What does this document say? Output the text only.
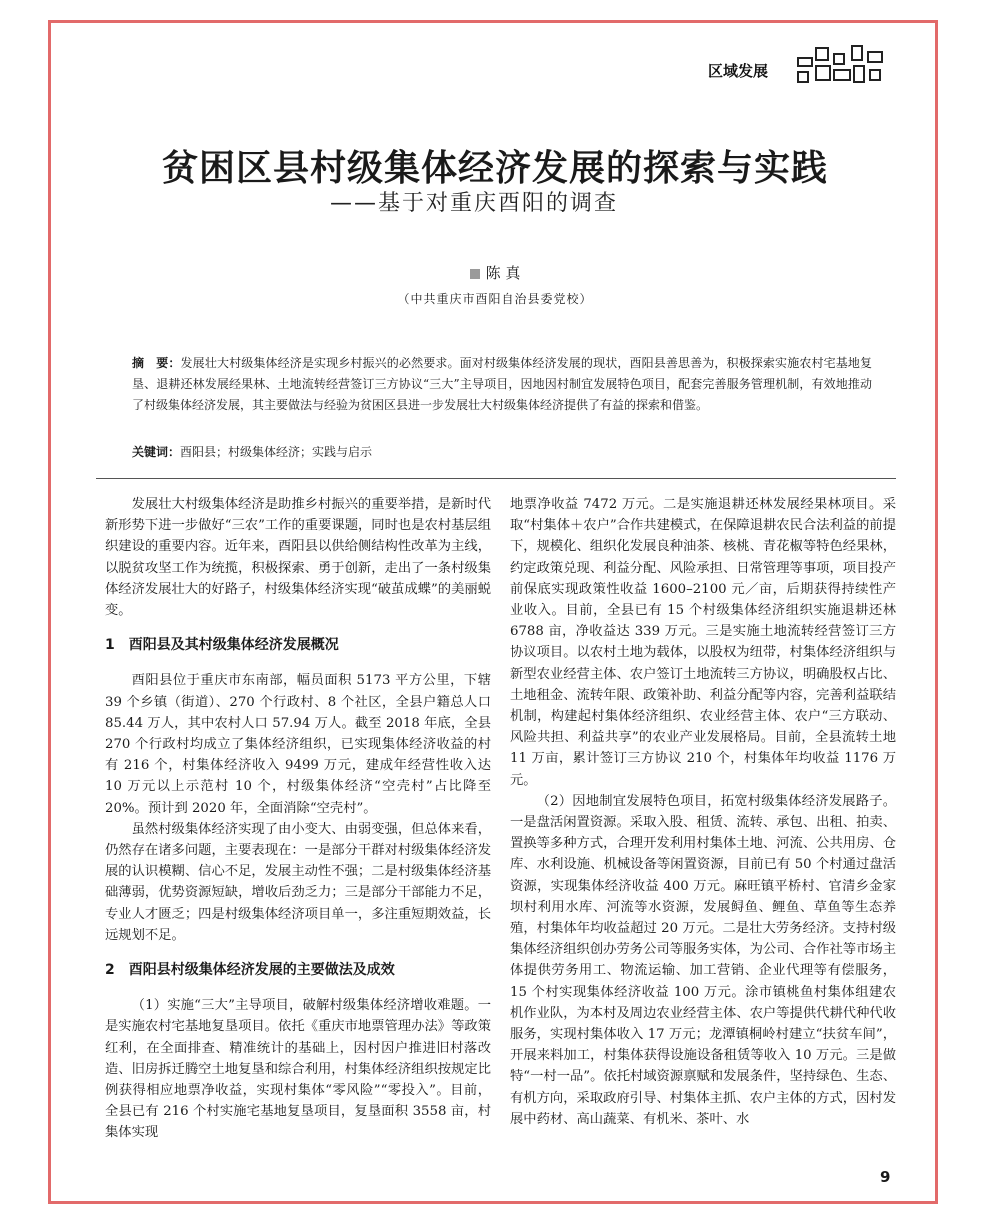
区域发展
贫困区县村级集体经济发展的探索与实践
——基于对重庆酉阳的调查
陈 真
（中共重庆市酉阳自治县委党校）
摘　要：发展壮大村级集体经济是实现乡村振兴的必然要求。面对村级集体经济发展的现状，酉阳县善思善为，积极探索实施农村宅基地复垦、退耕还林发展经果林、土地流转经营签订三方协议“三大”主导项目，因地因村制宜发展特色项目，配套完善服务管理机制，有效地推动了村级集体经济发展，其主要做法与经验为贫困区县进一步发展壮大村级集体经济提供了有益的探索和借鉴。
关键词：酉阳县；村级集体经济；实践与启示

发展壮大村级集体经济是助推乡村振兴的重要举措，是新时代新形势下进一步做好“三农”工作的重要课题，同时也是农村基层组织建设的重要内容。近年来，酉阳县以供给侧结构性改革为主线，以脱贫攻坚工作为统揽，积极探索、勇于创新，走出了一条村级集体经济发展壮大的好路子，村级集体经济实现“破茧成蝶”的美丽蜕变。

1　酉阳县及其村级集体经济发展概况

酉阳县位于重庆市东南部，幅员面积 5173 平方公里，下辖 39 个乡镇（街道）、270 个行政村、8 个社区，全县户籍总人口 85.44 万人，其中农村人口 57.94 万人。截至 2018 年底，全县 270 个行政村均成立了集体经济组织，已实现集体经济收益的村有 216 个，村集体经济收入 9499 万元，建成年经营性收入达 10 万元以上示范村 10 个，村级集体经济“空壳村”占比降至 20%。预计到 2020 年，全面消除“空壳村”。

虽然村级集体经济实现了由小变大、由弱变强，但总体来看，仍然存在诸多问题，主要表现在：一是部分干群对村级集体经济发展的认识模糊、信心不足，发展主动性不强；二是村级集体经济基础薄弱，优势资源短缺，增收后劲乏力；三是部分干部能力不足，专业人才匮乏；四是村级集体经济项目单一，多注重短期效益，长远规划不足。

2　酉阳县村级集体经济发展的主要做法及成效

（1）实施“三大”主导项目，破解村级集体经济增收难题。一是实施农村宅基地复垦项目。依托《重庆市地票管理办法》等政策红利，在全面排查、精准统计的基础上，因村因户推进旧村落改造、旧房拆迁腾空土地复垦和综合利用，村集体经济组织按规定比例获得相应地票净收益，实现村集体“零风险”“零投入”。目前，全县已有 216 个村实施宅基地复垦项目，复垦面积 3558 亩，村集体实现

地票净收益 7472 万元。二是实施退耕还林发展经果林项目。采取“村集体＋农户”合作共建模式，在保障退耕农民合法利益的前提下，规模化、组织化发展良种油茶、核桃、青花椒等特色经果林，约定政策兑现、利益分配、风险承担、日常管理等事项，项目投产前保底实现政策性收益 1600–2100 元／亩，后期获得持续性产业收入。目前，全县已有 15 个村级集体经济组织实施退耕还林 6788 亩，净收益达 339 万元。三是实施土地流转经营签订三方协议项目。以农村土地为载体，以股权为纽带，村集体经济组织与新型农业经营主体、农户签订土地流转三方协议，明确股权占比、土地租金、流转年限、政策补助、利益分配等内容，完善利益联结机制，构建起村集体经济组织、农业经营主体、农户“三方联动、风险共担、利益共享”的农业产业发展格局。目前，全县流转土地 11 万亩，累计签订三方协议 210 个，村集体年均收益 1176 万元。

（2）因地制宜发展特色项目，拓宽村级集体经济发展路子。一是盘活闲置资源。采取入股、租赁、流转、承包、出租、拍卖、置换等多种方式，合理开发利用村集体土地、河流、公共用房、仓库、水利设施、机械设备等闲置资源，目前已有 50 个村通过盘活资源，实现集体经济收益 400 万元。麻旺镇平桥村、官清乡金家坝村利用水库、河流等水资源，发展鲟鱼、鲤鱼、草鱼等生态养殖，村集体年均收益超过 20 万元。二是壮大劳务经济。支持村级集体经济组织创办劳务公司等服务实体，为公司、合作社等市场主体提供劳务用工、物流运输、加工营销、企业代理等有偿服务，15 个村实现集体经济收益 100 万元。涂市镇桃鱼村集体组建农机作业队，为本村及周边农业经营主体、农户等提供代耕代种代收服务，实现村集体收入 17 万元；龙潭镇桐岭村建立“扶贫车间”，开展来料加工，村集体获得设施设备租赁等收入 10 万元。三是做特“一村一品”。依托村域资源禀赋和发展条件，坚持绿色、生态、有机方向，采取政府引导、村集体主抓、农户主体的方式，因村发展中药材、高山蔬菜、有机米、茶叶、水

9
